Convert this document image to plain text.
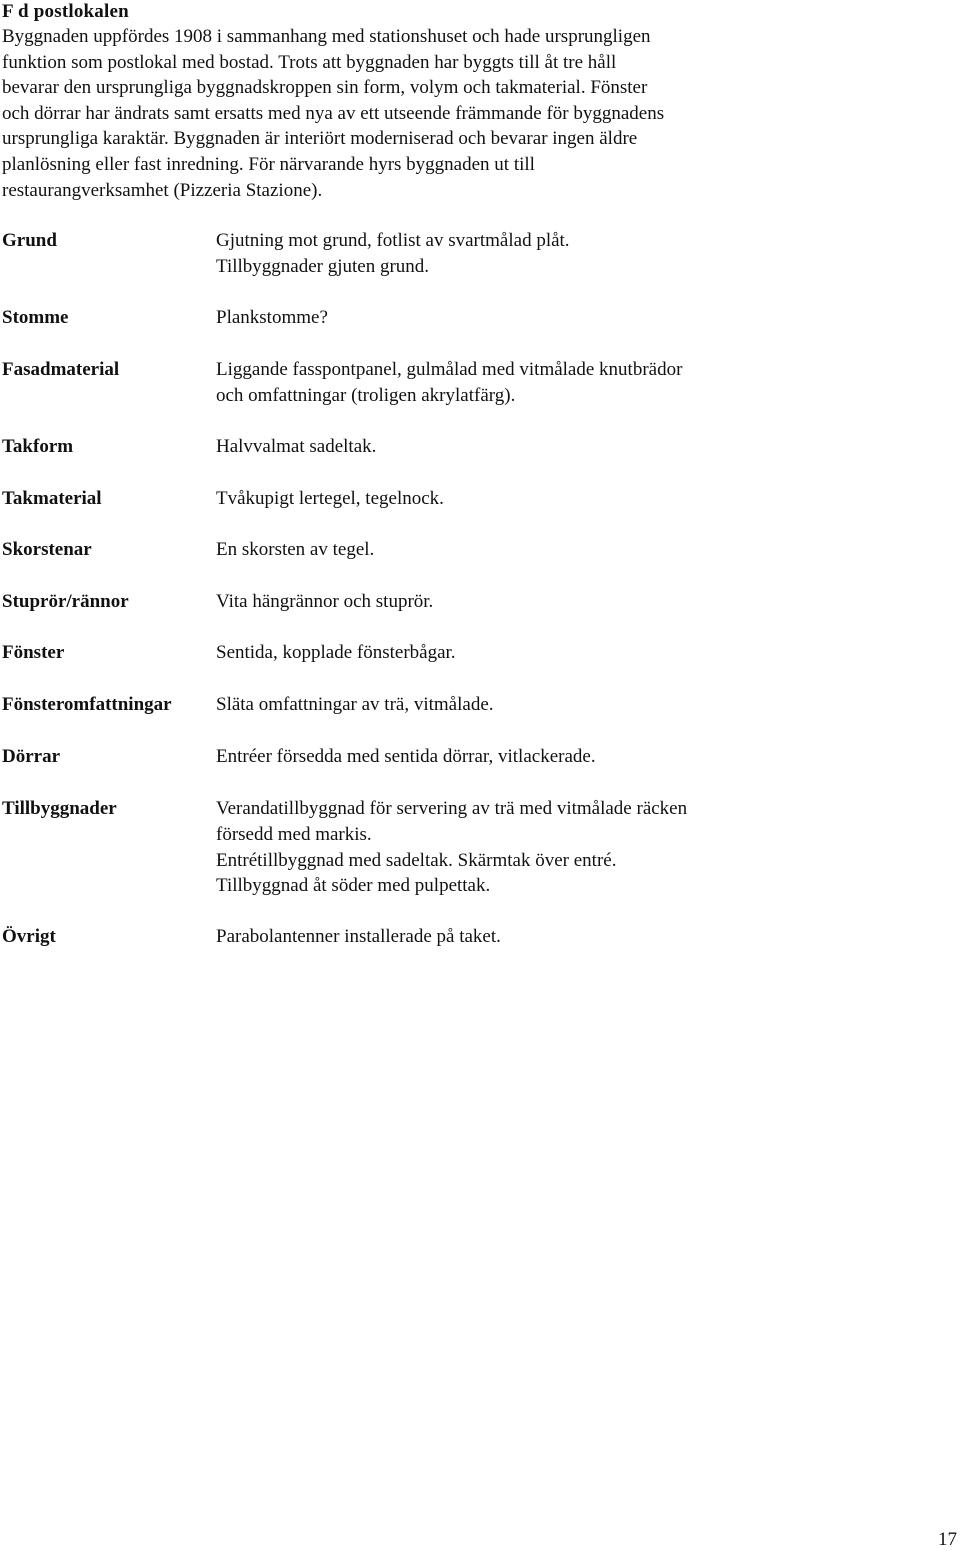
F d postlokalen
Byggnaden uppfördes 1908 i sammanhang med stationshuset och hade ursprungligen
funktion som postlokal med bostad. Trots att byggnaden har byggts till åt tre håll
bevarar den ursprungliga byggnadskroppen sin form, volym och takmaterial. Fönster
och dörrar har ändrats samt ersatts med nya av ett utseende främmande för byggnadens
ursprungliga karaktär. Byggnaden är interiört moderniserad och bevarar ingen äldre
planlösning eller fast inredning. För närvarande hyrs byggnaden ut till
restaurangverksamhet (Pizzeria Stazione).
Grund	Gjutning mot grund, fotlist av svartmålad plåt.
Tillbyggnader gjuten grund.
Stomme	Plankstomme?
Fasadmaterial	Liggande fasspontpanel, gulmålad med vitmålade knutbrädor
och omfattningar (troligen akrylatfärg).
Takform	Halvvalmat sadeltak.
Takmaterial	Tvåkupigt lertegel, tegelnock.
Skorstenar	En skorsten av tegel.
Stuprör/rännor	Vita hängrännor och stuprör.
Fönster	Sentida, kopplade fönsterbågar.
Fönsteromfattningar Släta omfattningar av trä, vitmålade.
Dörrar	Entréer försedda med sentida dörrar, vitlackerade.
Tillbyggnader	Verandatillbyggnad för servering av trä med vitmålade räcken
försedd med markis.
Entrétillbyggnad med sadeltak. Skärmtak över entré.
Tillbyggnad åt söder med pulpettak.
Övrigt	Parabolantenner installerade på taket.
17
